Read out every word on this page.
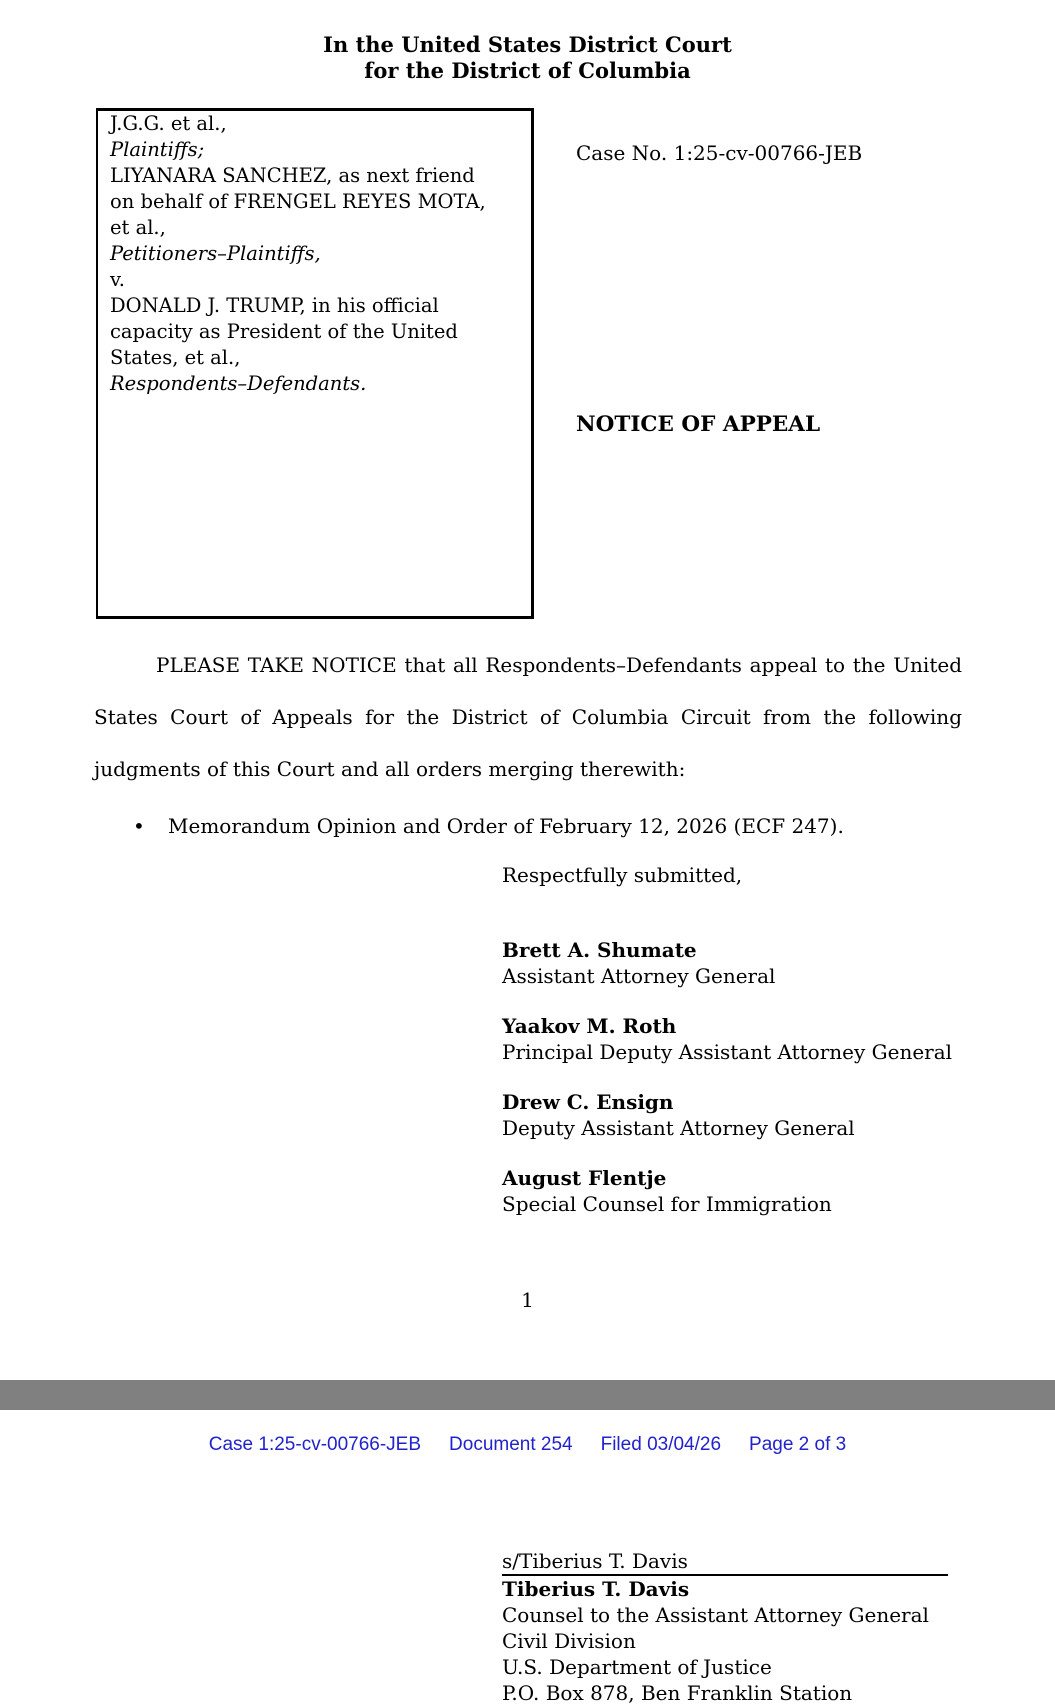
In the United States District Court
for the District of Columbia

J.G.G. et al.,

Plaintiffs;

LIYANARA SANCHEZ, as next friend
on behalf of FRENGEL REYES MOTA,
et al.,

Petitioners–Plaintiffs,

v.

DONALD J. TRUMP, in his official
capacity as President of the United
States, et al.,

Respondents–Defendants.

Case No. 1:25-cv-00766-JEB
NOTICE OF APPEAL
PLEASE TAKE NOTICE that all Respondents–Defendants appeal to the United States Court of Appeals for the District of Columbia Circuit from the following judgments of this Court and all orders merging therewith:
• Memorandum Opinion and Order of February 12, 2026 (ECF 247).
Respectfully submitted,
Brett A. Shumate
Assistant Attorney General
Yaakov M. Roth
Principal Deputy Assistant Attorney General
Drew C. Ensign
Deputy Assistant Attorney General
August Flentje
Special Counsel for Immigration
1
Case 1:25-cv-00766-JEB Document 254 Filed 03/04/26 Page 2 of 3
s/Tiberius T. Davis
Tiberius T. Davis
Counsel to the Assistant Attorney General
Civil Division
U.S. Department of Justice
P.O. Box 878, Ben Franklin Station
